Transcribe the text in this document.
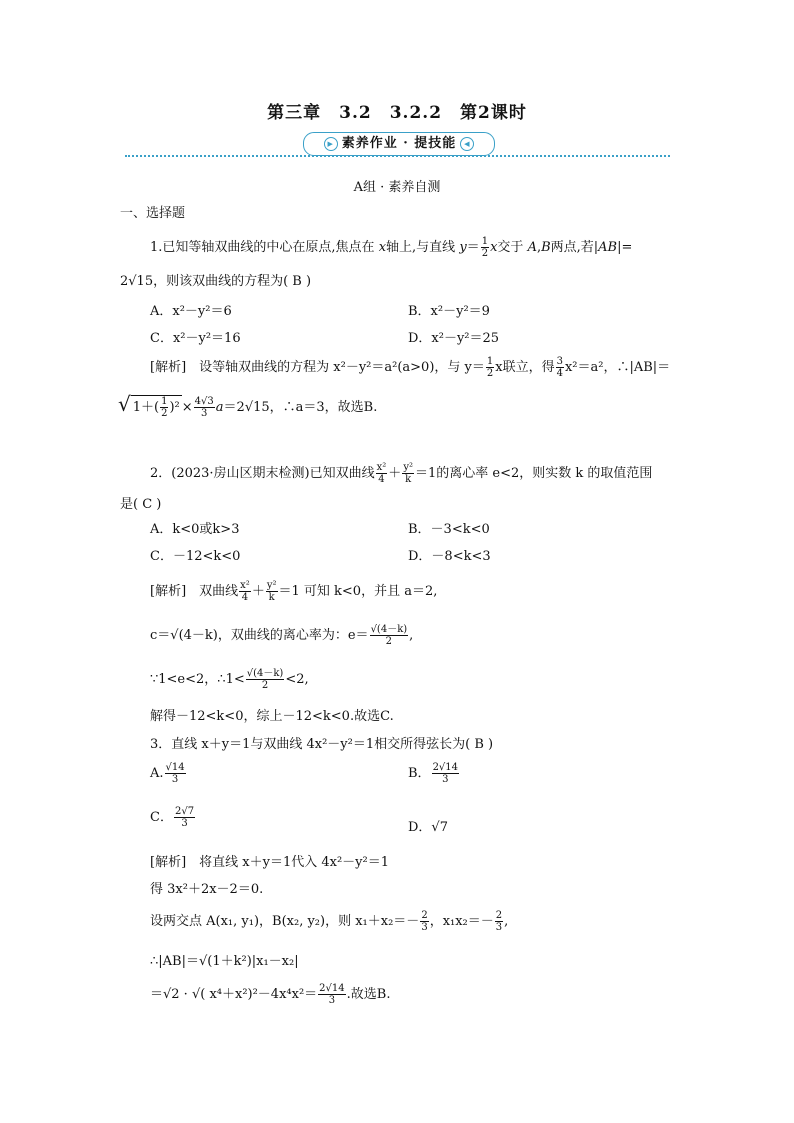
第三章　3.2　3.2.2　第2课时
▶ 素养作业 · 提技能 ◀
A组 · 素养自测
一、选择题
1.已知等轴双曲线的中心在原点,焦点在 x轴上,与直线 $y= \frac{1}{2}$ x交于 A,B两点,若|AB|=
2√15，则该双曲线的方程为( B )
A．x²－y²＝6	B．x²－y²＝9
C．x²－y²＝16	D．x²－y²＝25
[解析]　设等轴双曲线的方程为 x²－y²＝a²(a>0)，与 $y= \frac{1}{2}$ x联立，得 $\frac{3}{4} x^2=a^2$，∴|AB|＝
√ $1+( \frac{1}{2} )^2 \times \frac{4√3}{3} a=2√15$，∴a＝3，故选B.
2．(2023·房山区期末检测)已知双曲线 $\frac{\text{x²}}{4} + \frac{\text{y²}}{k} =1$的离心率 e<2，则实数 k 的取值范围
是( C )
A．k<0或k>3	B．－3<k<0
C．－12<k<0	D．－8<k<3
[解析]　双曲线 $\frac{\text{x²}}{4} + \frac{\text{y²}}{k} =1$ 可知 k<0，并且 a＝2,
c＝√(4－k)，双曲线的离心率为：$e= \frac{√(4-k)}{2}$ ,
∵1<e<2，∴1< $\frac{√(4-k)}{2} <2$,
解得－12<k<0，综上－12<k<0.故选C.
3．直线 x＋y＝1与双曲线 4x²－y²＝1相交所得弦长为( B )
A. $\frac{√14}{3}$	B． $\frac{2√14}{3}$
C． $\frac{2√7}{3}$	D．√7
[解析]　将直线 x＋y＝1代入 4x²－y²＝1
得 3x²＋2x－2＝0.
设两交点 A(x₁, y₁)，B(x₂, y₂)，则 $x_1+x_2=- \frac{2}{3}$ ，$x_1x_2=- \frac{2}{3}$ ,
∴|AB|＝√(1＋k²)|x₁－x₂|
＝√2 · √( $x^4+x^2)^2-4x^4x^2= \frac{2√14}{3}$ .故选B.
